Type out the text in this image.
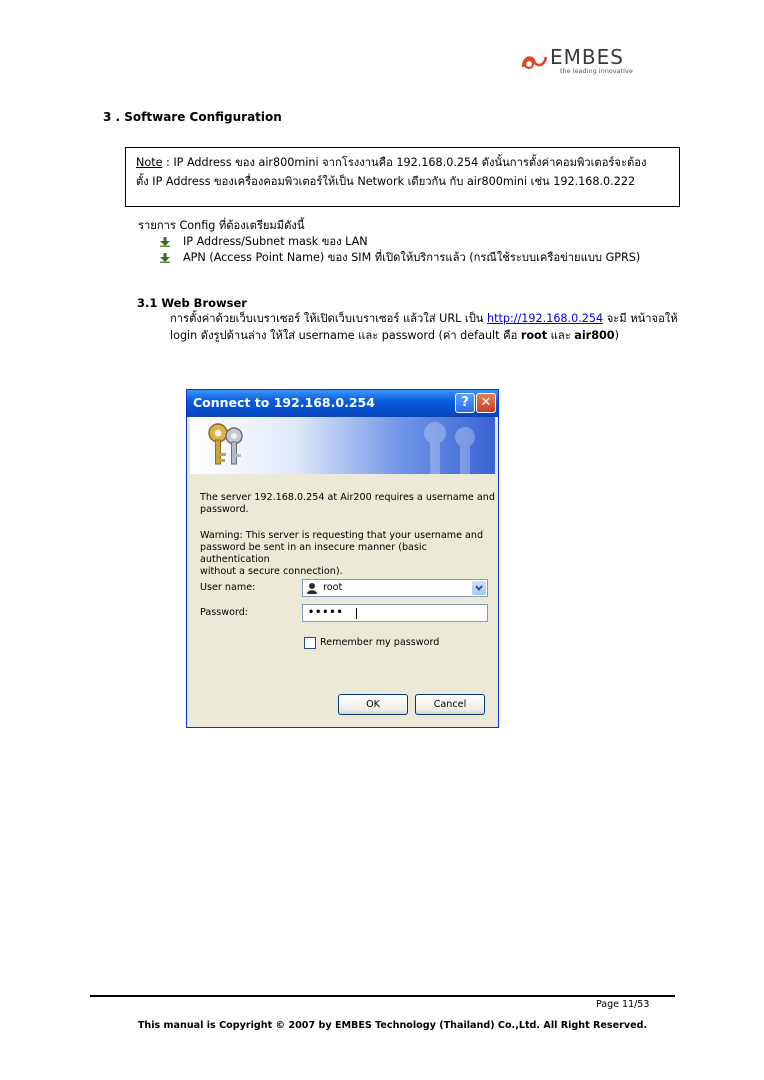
EMBES
the leading innovative
3 . Software Configuration
Note : IP Address ของ air800mini จากโรงงานคือ 192.168.0.254 ดังนั้นการตั้งค่าคอมพิวเตอร์จะต้อง
ตั้ง IP Address ของเครื่องคอมพิวเตอร์ให้เป็น Network เดียวกัน กับ air800mini เช่น 192.168.0.222
รายการ Config ที่ต้องเตรียมมีดังนี้
IP Address/Subnet mask ของ LAN
APN (Access Point Name) ของ SIM ที่เปิดให้บริการแล้ว (กรณีใช้ระบบเครือข่ายแบบ GPRS)
3.1 Web Browser
การตั้งค่าด้วยเว็บเบราเซอร์ ให้เปิดเว็บเบราเซอร์ แล้วใส่ URL เป็น http://192.168.0.254 จะมี หน้าจอให้ login ดังรูปด้านล่าง ให้ใส่ username และ password (ค่า default คือ root และ air800)
Connect to 192.168.0.254	? ✕
The server 192.168.0.254 at Air200 requires a username and
password.
Warning: This server is requesting that your username and
password be sent in an insecure manner (basic authentication
without a secure connection).
User name:	root
Password:	•••••
Remember my password
OK	Cancel
Page 11/53
This manual is Copyright © 2007 by EMBES Technology (Thailand) Co.,Ltd. All Right Reserved.
